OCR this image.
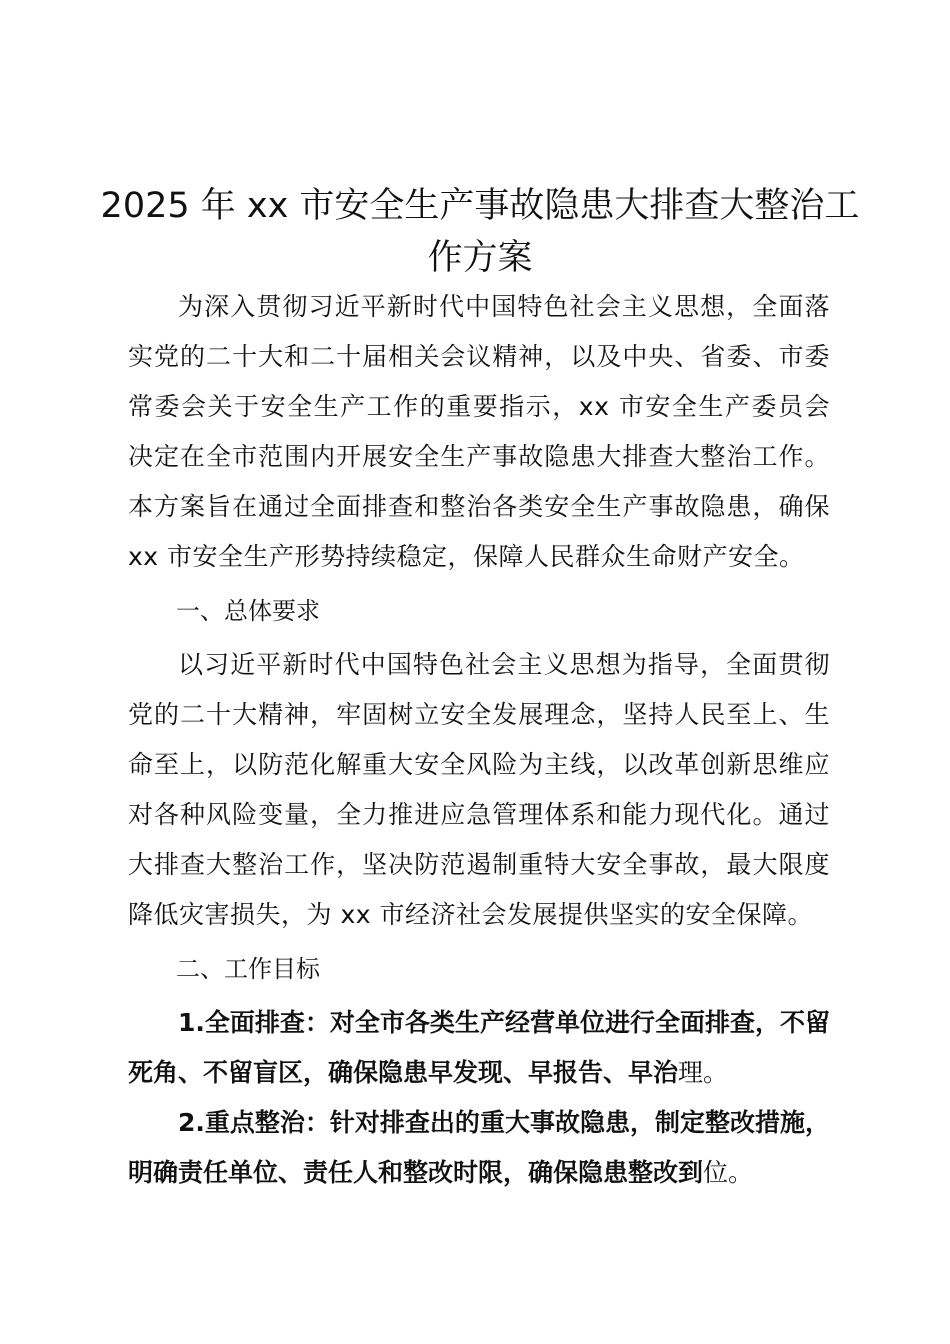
2025 年 xx 市安全生产事故隐患大排查大整治工作方案

为深入贯彻习近平新时代中国特色社会主义思想，全面落实党的二十大和二十届相关会议精神，以及中央、省委、市委常委会关于安全生产工作的重要指示，xx 市安全生产委员会决定在全市范围内开展安全生产事故隐患大排查大整治工作。本方案旨在通过全面排查和整治各类安全生产事故隐患，确保 xx 市安全生产形势持续稳定，保障人民群众生命财产安全。

一、总体要求

以习近平新时代中国特色社会主义思想为指导，全面贯彻党的二十大精神，牢固树立安全发展理念，坚持人民至上、生命至上，以防范化解重大安全风险为主线，以改革创新思维应对各种风险变量，全力推进应急管理体系和能力现代化。通过大排查大整治工作，坚决防范遏制重特大安全事故，最大限度降低灾害损失，为 xx 市经济社会发展提供坚实的安全保障。

二、工作目标

1.全面排查：对全市各类生产经营单位进行全面排查，不留死角、不留盲区，确保隐患早发现、早报告、早治理。

2.重点整治：针对排查出的重大事故隐患，制定整改措施，明确责任单位、责任人和整改时限，确保隐患整改到位。
